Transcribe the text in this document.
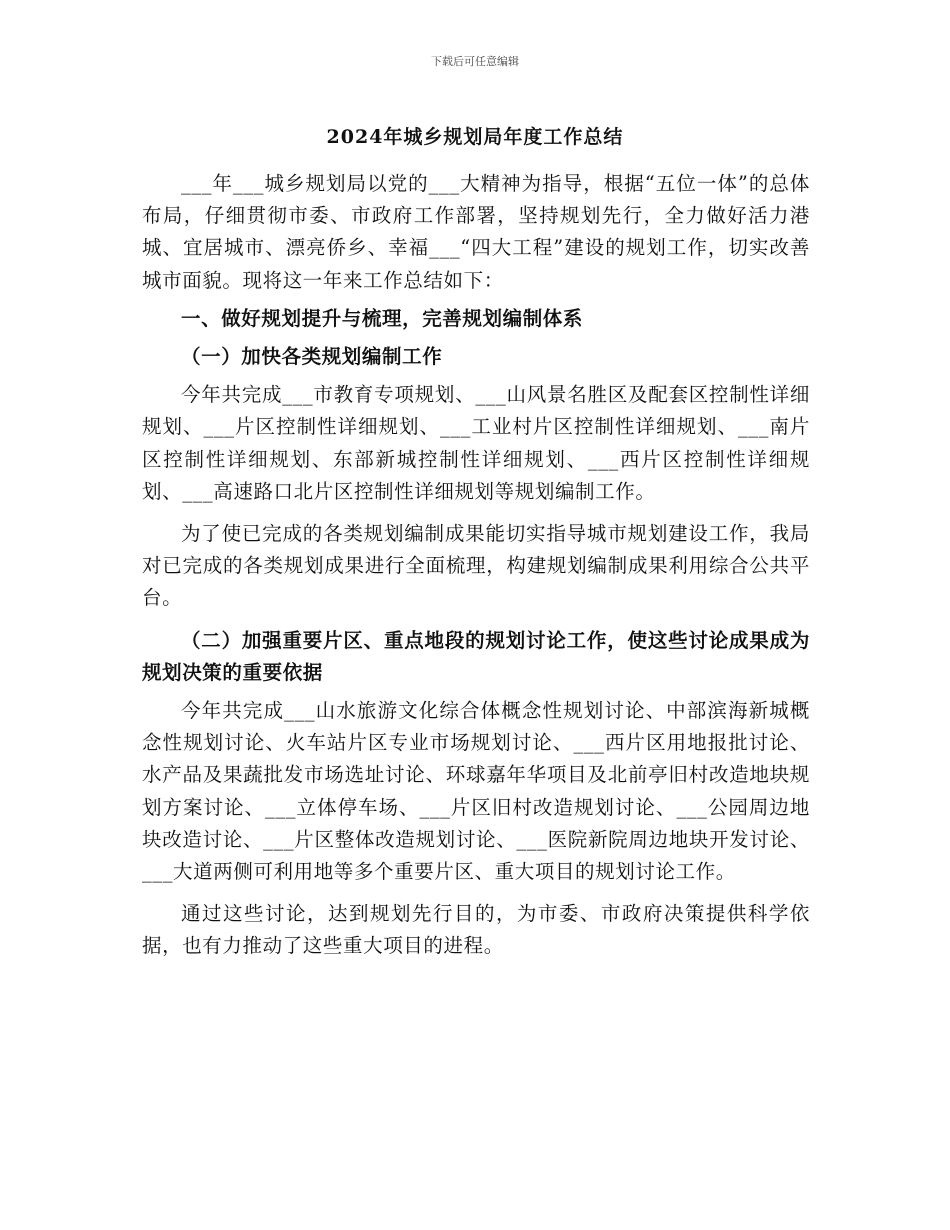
下载后可任意编辑
2024年城乡规划局年度工作总结

___年___城乡规划局以党的___大精神为指导，根据“五位一体”的总体布局，仔细贯彻市委、市政府工作部署，坚持规划先行，全力做好活力港城、宜居城市、漂亮侨乡、幸福___“四大工程”建设的规划工作，切实改善城市面貌。现将这一年来工作总结如下：

一、做好规划提升与梳理，完善规划编制体系

（一）加快各类规划编制工作

今年共完成___市教育专项规划、___山风景名胜区及配套区控制性详细规划、___片区控制性详细规划、___工业村片区控制性详细规划、___南片区控制性详细规划、东部新城控制性详细规划、___西片区控制性详细规划、___高速路口北片区控制性详细规划等规划编制工作。

为了使已完成的各类规划编制成果能切实指导城市规划建设工作，我局对已完成的各类规划成果进行全面梳理，构建规划编制成果利用综合公共平台。

（二）加强重要片区、重点地段的规划讨论工作，使这些讨论成果成为规划决策的重要依据

今年共完成___山水旅游文化综合体概念性规划讨论、中部滨海新城概念性规划讨论、火车站片区专业市场规划讨论、___西片区用地报批讨论、水产品及果蔬批发市场选址讨论、环球嘉年华项目及北前亭旧村改造地块规划方案讨论、___立体停车场、___片区旧村改造规划讨论、___公园周边地块改造讨论、___片区整体改造规划讨论、___医院新院周边地块开发讨论、___大道两侧可利用地等多个重要片区、重大项目的规划讨论工作。

通过这些讨论，达到规划先行目的，为市委、市政府决策提供科学依据，也有力推动了这些重大项目的进程。
